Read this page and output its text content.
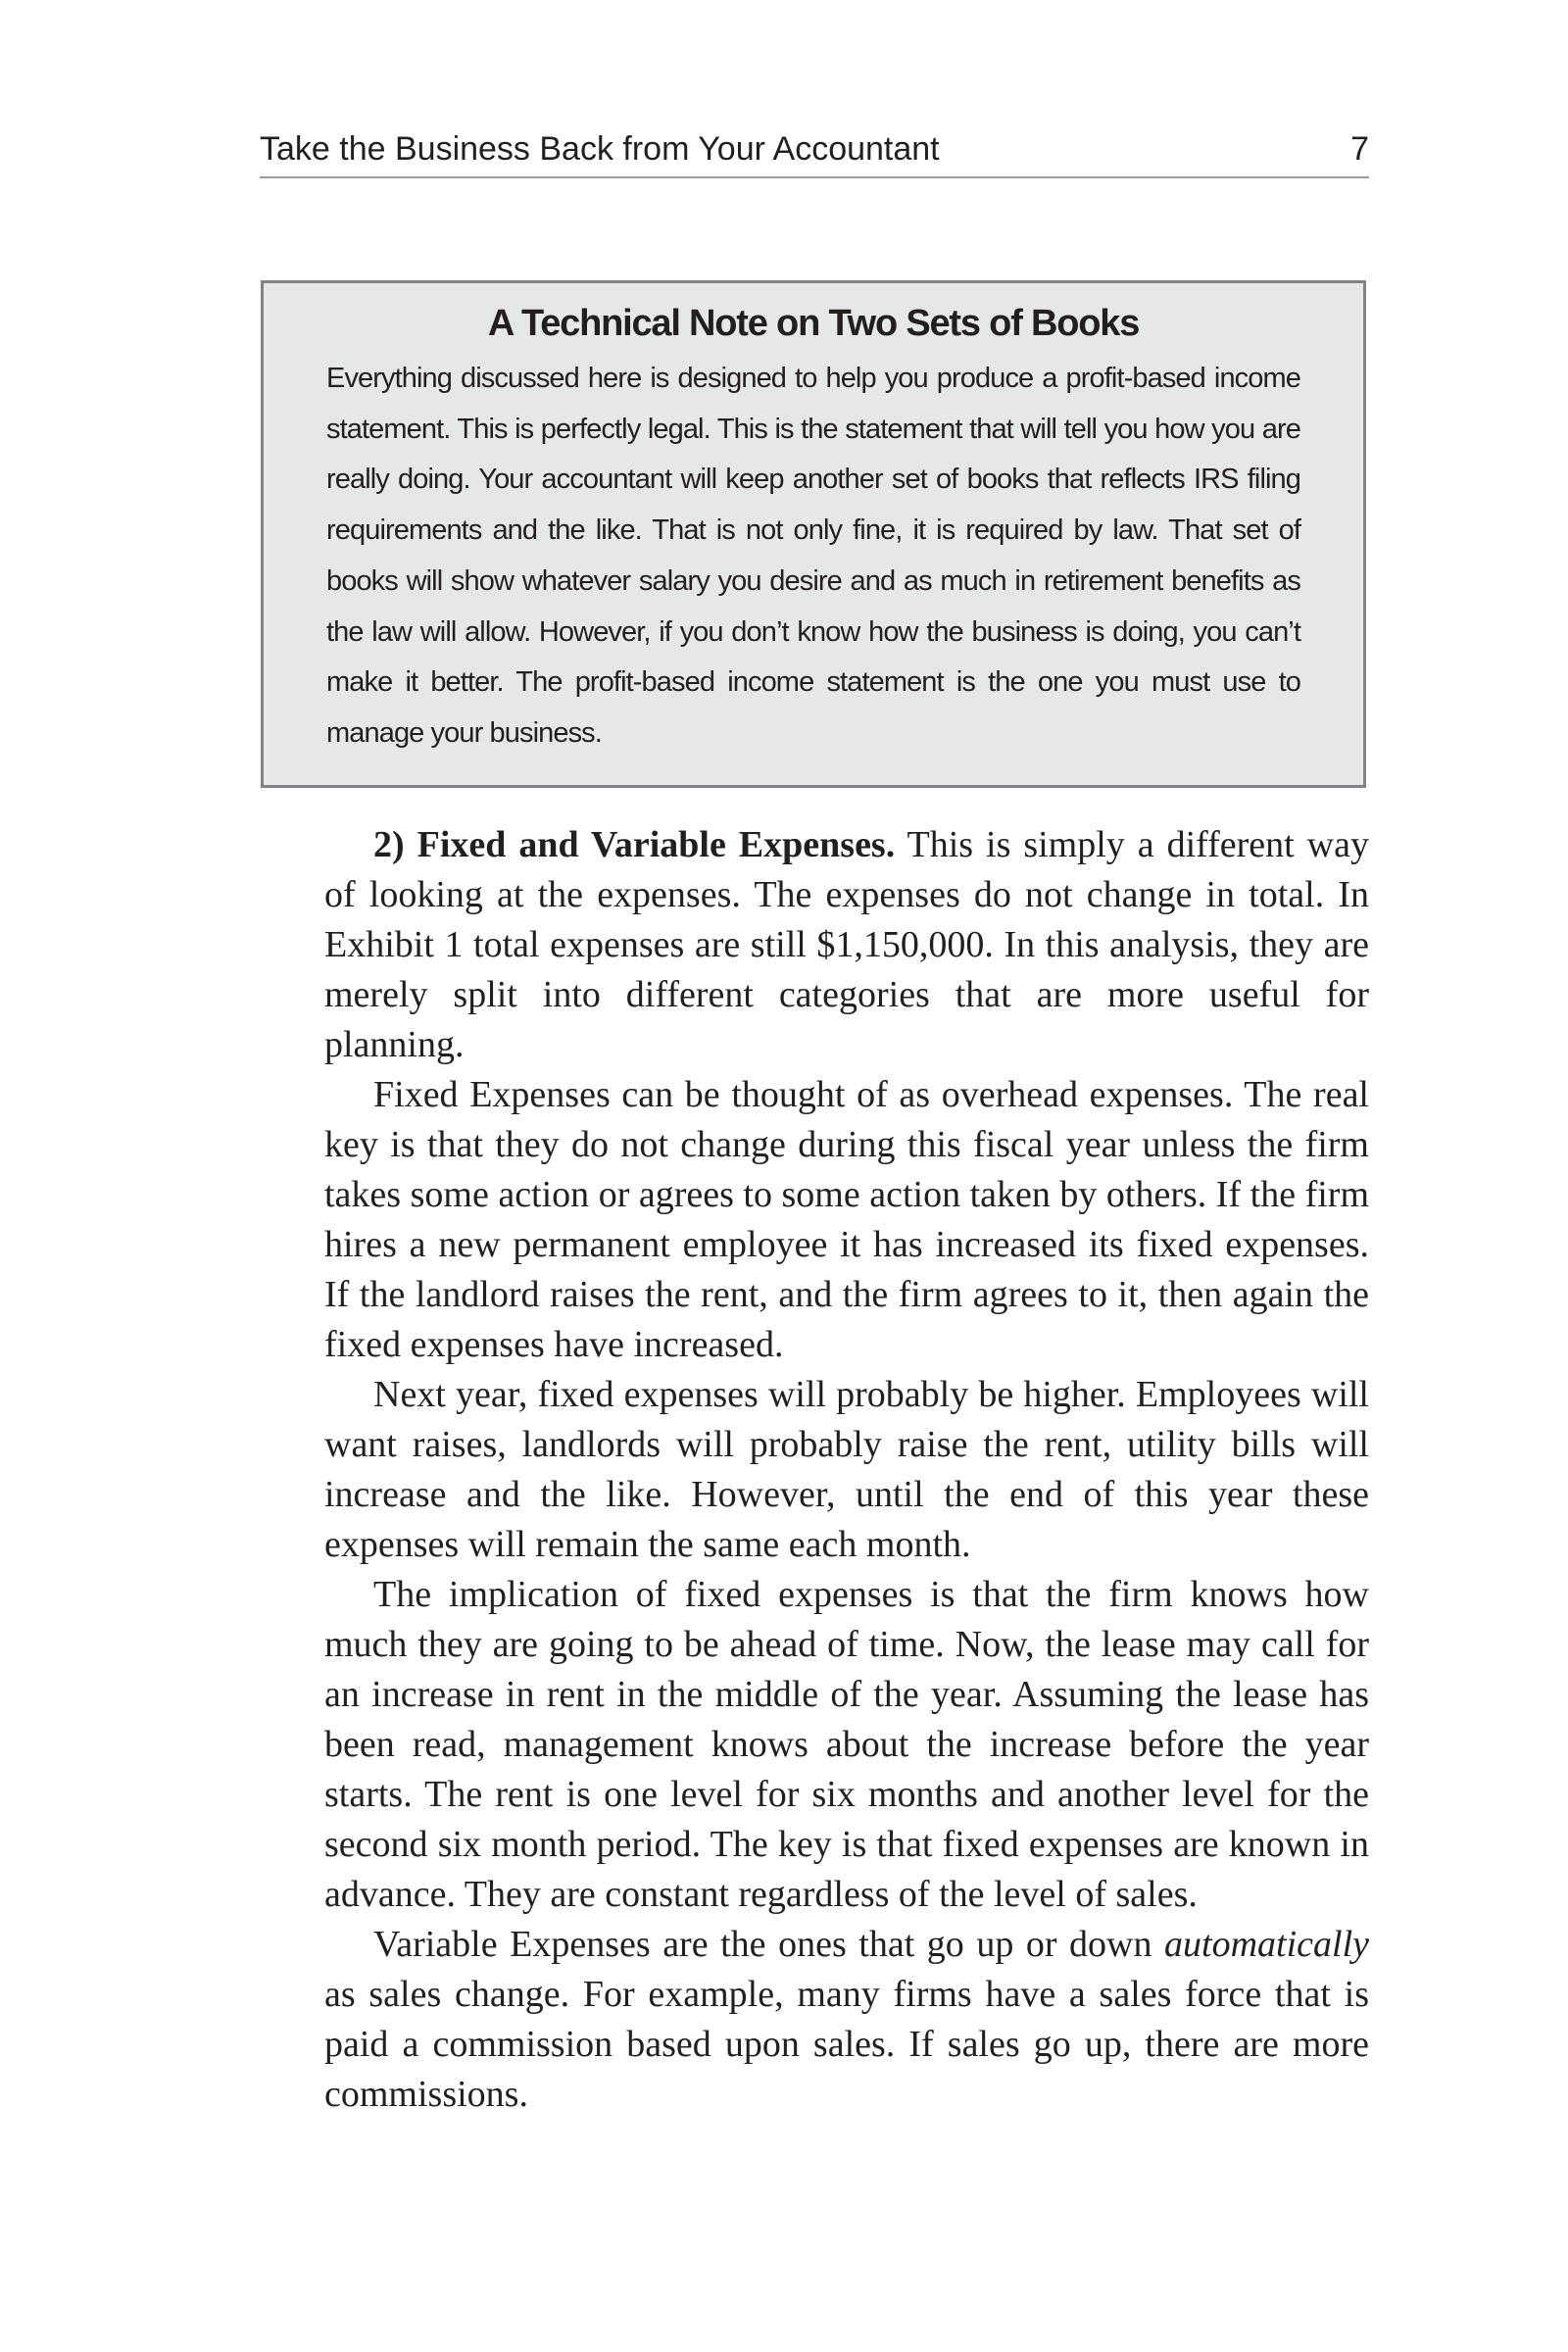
Take the Business Back from Your Accountant	7
A Technical Note on Two Sets of Books

Everything discussed here is designed to help you produce a profit-based income statement. This is perfectly legal. This is the statement that will tell you how you are really doing. Your accountant will keep another set of books that reflects IRS filing requirements and the like. That is not only fine, it is required by law. That set of books will show whatever salary you desire and as much in retirement benefits as the law will allow. However, if you don’t know how the business is doing, you can’t make it better. The profit-based income statement is the one you must use to manage your business.

2) Fixed and Variable Expenses. This is simply a different way of looking at the expenses. The expenses do not change in total. In Exhibit 1 total expenses are still $1,150,000. In this analysis, they are merely split into different categories that are more useful for planning.

Fixed Expenses can be thought of as overhead expenses. The real key is that they do not change during this fiscal year unless the firm takes some action or agrees to some action taken by others. If the firm hires a new permanent employee it has increased its fixed expenses. If the landlord raises the rent, and the firm agrees to it, then again the fixed expenses have increased.

Next year, fixed expenses will probably be higher. Employees will want raises, landlords will probably raise the rent, utility bills will increase and the like. However, until the end of this year these expenses will remain the same each month.

The implication of fixed expenses is that the firm knows how much they are going to be ahead of time. Now, the lease may call for an increase in rent in the middle of the year. Assuming the lease has been read, management knows about the increase before the year starts. The rent is one level for six months and another level for the second six month period. The key is that fixed expenses are known in advance. They are constant regardless of the level of sales.

Variable Expenses are the ones that go up or down automatically as sales change. For example, many firms have a sales force that is paid a commission based upon sales. If sales go up, there are more commissions.
